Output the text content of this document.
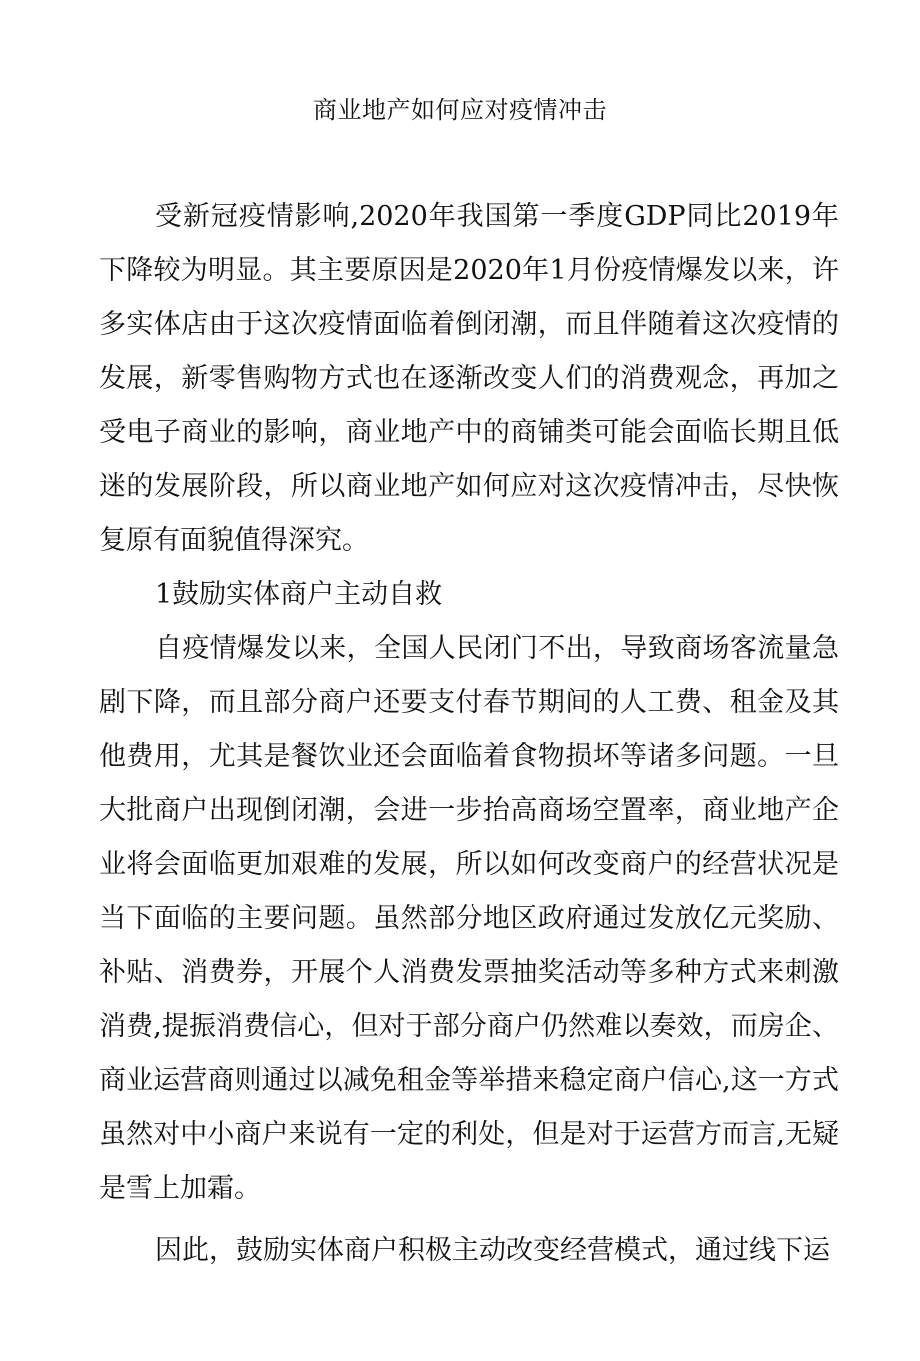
商业地产如何应对疫情冲击

受新冠疫情影响,2020年我国第一季度GDP同比2019年下降较为明显。其主要原因是2020年1月份疫情爆发以来，许多实体店由于这次疫情面临着倒闭潮，而且伴随着这次疫情的发展，新零售购物方式也在逐渐改变人们的消费观念，再加之受电子商业的影响，商业地产中的商铺类可能会面临长期且低迷的发展阶段，所以商业地产如何应对这次疫情冲击，尽快恢复原有面貌值得深究。

1鼓励实体商户主动自救

自疫情爆发以来，全国人民闭门不出，导致商场客流量急剧下降，而且部分商户还要支付春节期间的人工费、租金及其他费用，尤其是餐饮业还会面临着食物损坏等诸多问题。一旦大批商户出现倒闭潮，会进一步抬高商场空置率，商业地产企业将会面临更加艰难的发展，所以如何改变商户的经营状况是当下面临的主要问题。虽然部分地区政府通过发放亿元奖励、补贴、消费券，开展个人消费发票抽奖活动等多种方式来刺激消费,提振消费信心，但对于部分商户仍然难以奏效，而房企、商业运营商则通过以减免租金等举措来稳定商户信心,这一方式虽然对中小商户来说有一定的利处，但是对于运营方而言,无疑是雪上加霜。

因此，鼓励实体商户积极主动改变经营模式，通过线下运
